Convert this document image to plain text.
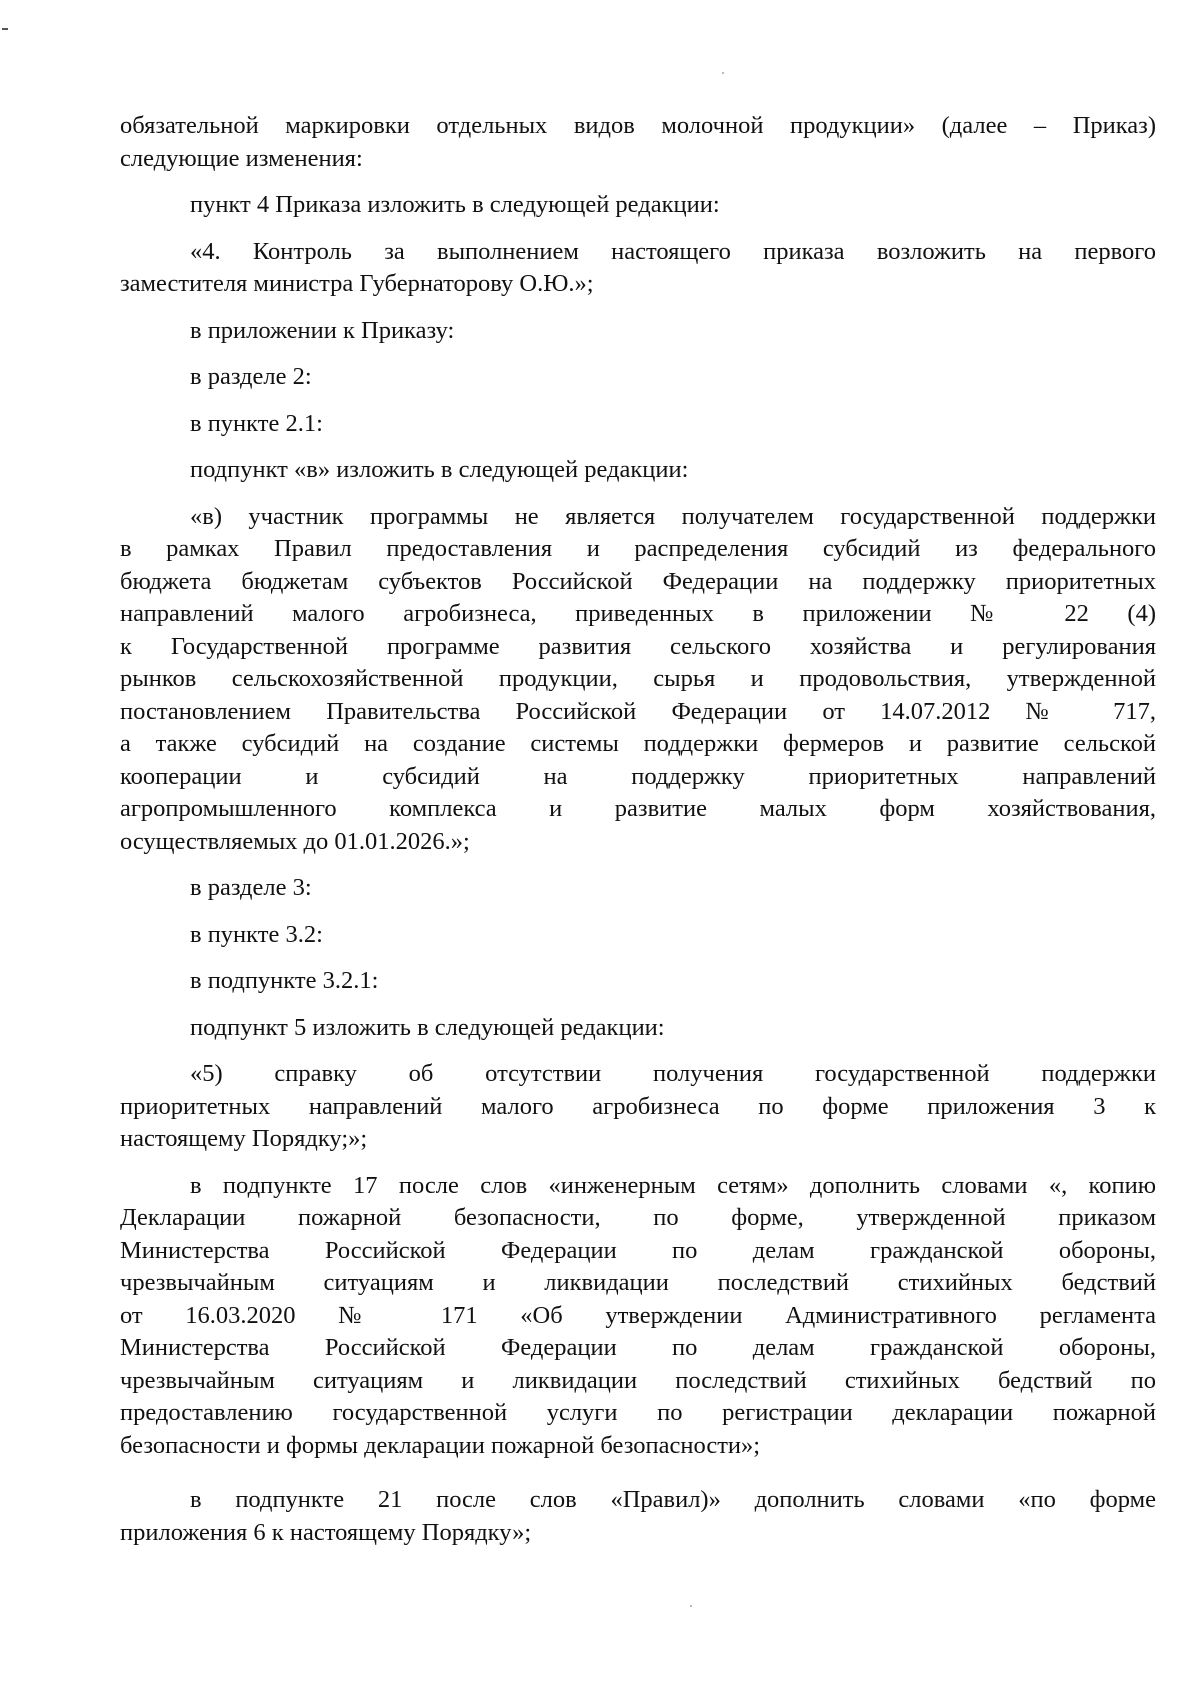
обязательной маркировки отдельных видов молочной продукции» (далее – Приказ)
следующие изменения:
пункт 4 Приказа изложить в следующей редакции:
«4. Контроль за выполнением настоящего приказа возложить на первого
заместителя министра Губернаторову О.Ю.»;
в приложении к Приказу:
в разделе 2:
в пункте 2.1:
подпункт «в» изложить в следующей редакции:
«в) участник программы не является получателем государственной поддержки
в рамках Правил предоставления и распределения субсидий из федерального
бюджета бюджетам субъектов Российской Федерации на поддержку приоритетных
направлений малого агробизнеса, приведенных в приложении № 22 (4)
к Государственной программе развития сельского хозяйства и регулирования
рынков сельскохозяйственной продукции, сырья и продовольствия, утвержденной
постановлением Правительства Российской Федерации от 14.07.2012 № 717,
а также субсидий на создание системы поддержки фермеров и развитие сельской
кооперации и субсидий на поддержку приоритетных направлений
агропромышленного комплекса и развитие малых форм хозяйствования,
осуществляемых до 01.01.2026.»;
в разделе 3:
в пункте 3.2:
в подпункте 3.2.1:
подпункт 5 изложить в следующей редакции:
«5) справку об отсутствии получения государственной поддержки
приоритетных направлений малого агробизнеса по форме приложения 3 к
настоящему Порядку;»;
в подпункте 17 после слов «инженерным сетям» дополнить словами «, копию
Декларации пожарной безопасности, по форме, утвержденной приказом
Министерства Российской Федерации по делам гражданской обороны,
чрезвычайным ситуациям и ликвидации последствий стихийных бедствий
от 16.03.2020 № 171 «Об утверждении Административного регламента
Министерства Российской Федерации по делам гражданской обороны,
чрезвычайным ситуациям и ликвидации последствий стихийных бедствий по
предоставлению государственной услуги по регистрации декларации пожарной
безопасности и формы декларации пожарной безопасности»;
в подпункте 21 после слов «Правил)» дополнить словами «по форме
приложения 6 к настоящему Порядку»;
